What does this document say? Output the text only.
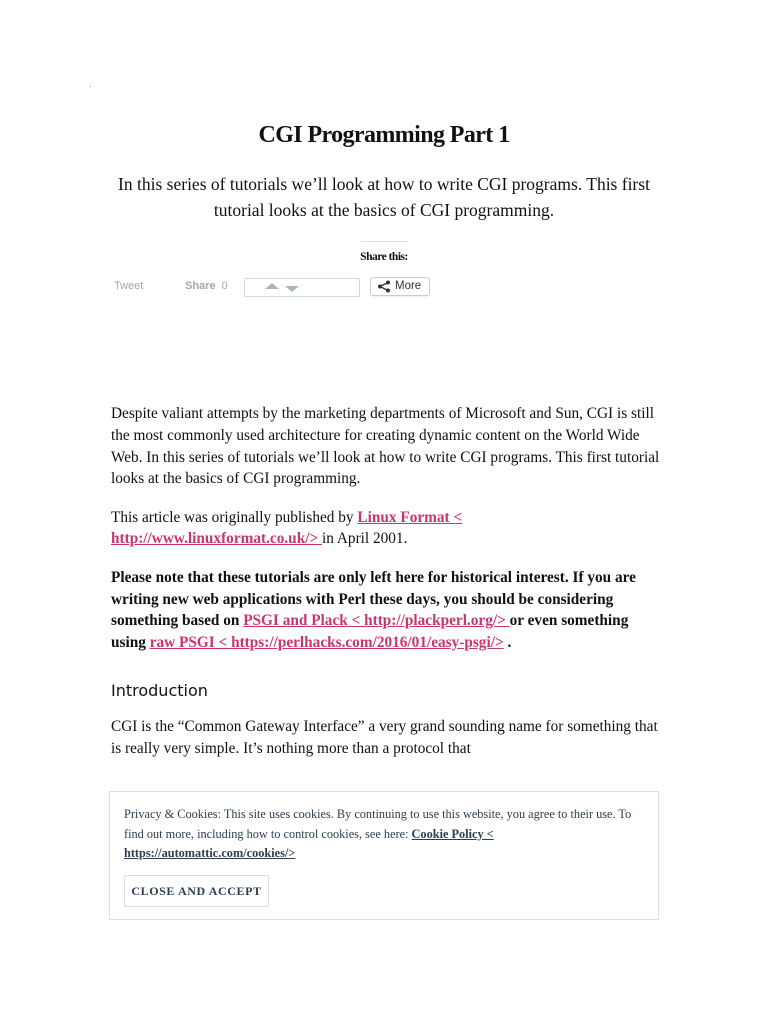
CGI Programming Part 1

In this series of tutorials we’ll look at how to write CGI programs. This first tutorial looks at the basics of CGI programming.

Share this:
Tweet	Share 0	More

Despite valiant attempts by the marketing departments of Microsoft and Sun, CGI is still the most commonly used architecture for creating dynamic content on the World Wide Web. In this series of tutorials we’ll look at how to write CGI programs. This first tutorial looks at the basics of CGI programming.

This article was originally published by Linux Format < http://www.linuxformat.co.uk/> in April 2001.

Please note that these tutorials are only left here for historical interest. If you are writing new web applications with Perl these days, you should be considering something based on PSGI and Plack < http://plackperl.org/> or even something using raw PSGI < https://perlhacks.com/2016/01/easy-psgi/> .

Introduction

CGI is the “Common Gateway Interface” a very grand sounding name for something that is really very simple. It’s nothing more than a protocol that

Privacy & Cookies: This site uses cookies. By continuing to use this website, you agree to their use. To find out more, including how to control cookies, see here: Cookie Policy < https://automattic.com/cookies/>
CLOSE AND ACCEPT
